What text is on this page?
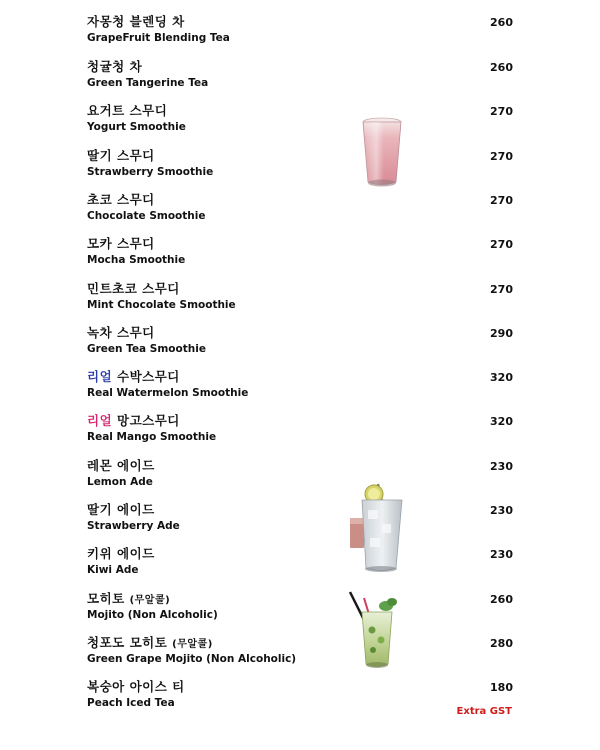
자몽청 블렌딩 차
GrapeFruit Blending Tea
260
청귤청 차
Green Tangerine Tea
260
요거트 스무디
Yogurt Smoothie
270
딸기 스무디
Strawberry Smoothie
270
초코 스무디
Chocolate Smoothie
270
모카 스무디
Mocha Smoothie
270
민트초코 스무디
Mint Chocolate Smoothie
270
녹차 스무디
Green Tea Smoothie
290
리얼 수박스무디
Real Watermelon Smoothie
320
리얼 망고스무디
Real Mango Smoothie
320
레몬 에이드
Lemon Ade
230
딸기 에이드
Strawberry Ade
230
키위 에이드
Kiwi Ade
230
모히토 (무알콜)
Mojito (Non Alcoholic)
260
청포도 모히토 (무알콜)
Green Grape Mojito (Non Alcoholic)
280
복숭아 아이스 티
Peach Iced Tea
180
Extra GST
